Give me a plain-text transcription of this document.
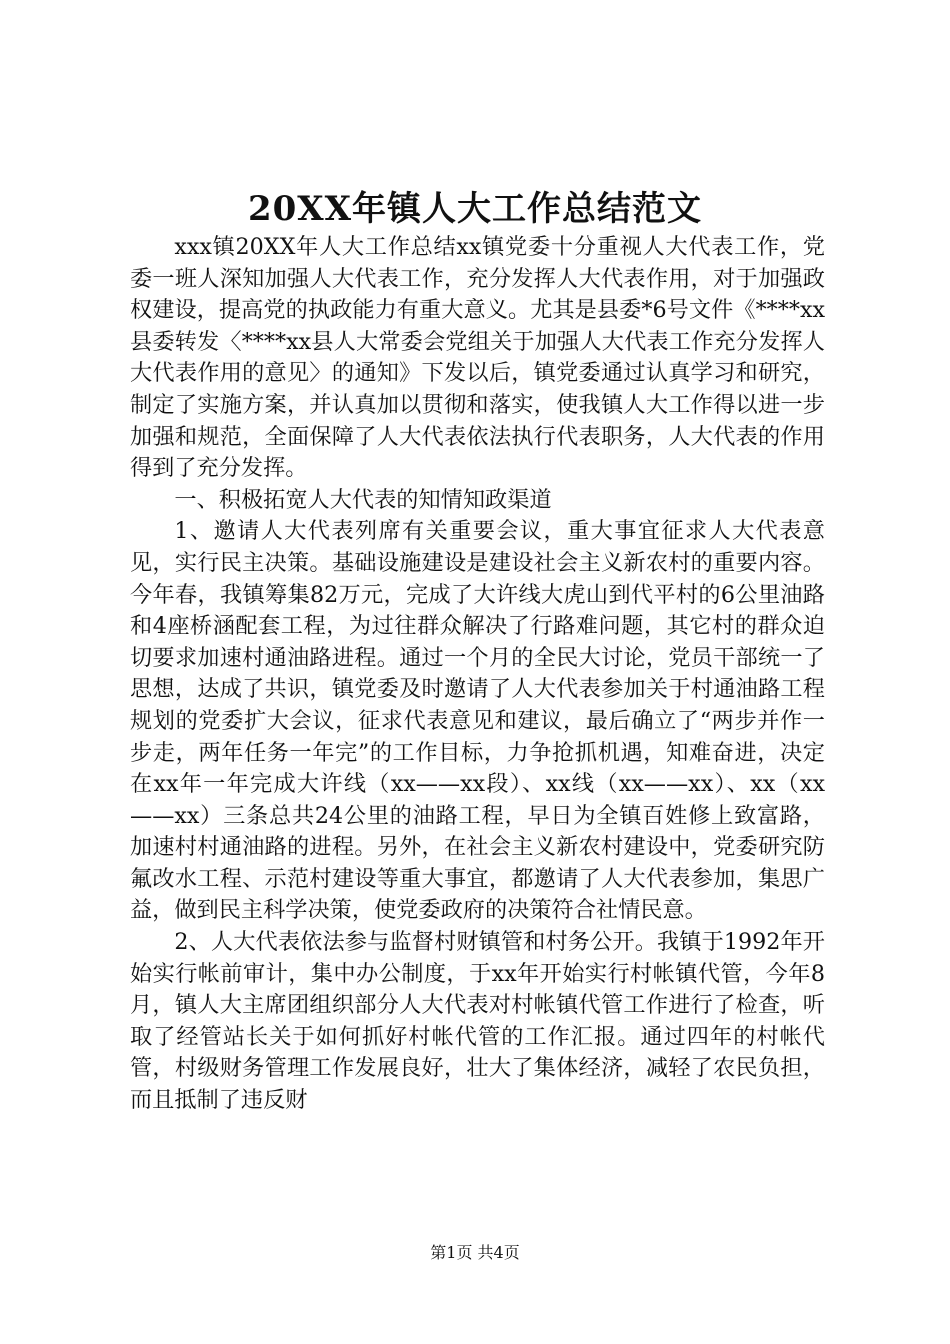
20XX年镇人大工作总结范文

xxx镇20XX年人大工作总结xx镇党委十分重视人大代表工作，党委一班人深知加强人大代表工作，充分发挥人大代表作用，对于加强政权建设，提高党的执政能力有重大意义。尤其是县委*6号文件《****xx县委转发〈****xx县人大常委会党组关于加强人大代表工作充分发挥人大代表作用的意见〉的通知》下发以后，镇党委通过认真学习和研究，制定了实施方案，并认真加以贯彻和落实，使我镇人大工作得以进一步加强和规范，全面保障了人大代表依法执行代表职务，人大代表的作用得到了充分发挥。

一、积极拓宽人大代表的知情知政渠道

1、邀请人大代表列席有关重要会议，重大事宜征求人大代表意见，实行民主决策。基础设施建设是建设社会主义新农村的重要内容。今年春，我镇筹集82万元，完成了大许线大虎山到代平村的6公里油路和4座桥涵配套工程，为过往群众解决了行路难问题，其它村的群众迫切要求加速村通油路进程。通过一个月的全民大讨论，党员干部统一了思想，达成了共识，镇党委及时邀请了人大代表参加关于村通油路工程规划的党委扩大会议，征求代表意见和建议，最后确立了“两步并作一步走，两年任务一年完”的工作目标，力争抢抓机遇，知难奋进，决定在xx年一年完成大许线（xx——xx段）、xx线（xx——xx）、xx（xx——xx）三条总共24公里的油路工程，早日为全镇百姓修上致富路，加速村村通油路的进程。另外，在社会主义新农村建设中，党委研究防氟改水工程、示范村建设等重大事宜，都邀请了人大代表参加，集思广益，做到民主科学决策，使党委政府的决策符合社情民意。

2、人大代表依法参与监督村财镇管和村务公开。我镇于1992年开始实行帐前审计，集中办公制度，于xx年开始实行村帐镇代管，今年8月，镇人大主席团组织部分人大代表对村帐镇代管工作进行了检查，听取了经管站长关于如何抓好村帐代管的工作汇报。通过四年的村帐代管，村级财务管理工作发展良好，壮大了集体经济，减轻了农民负担，而且抵制了违反财

第1页 共4页
